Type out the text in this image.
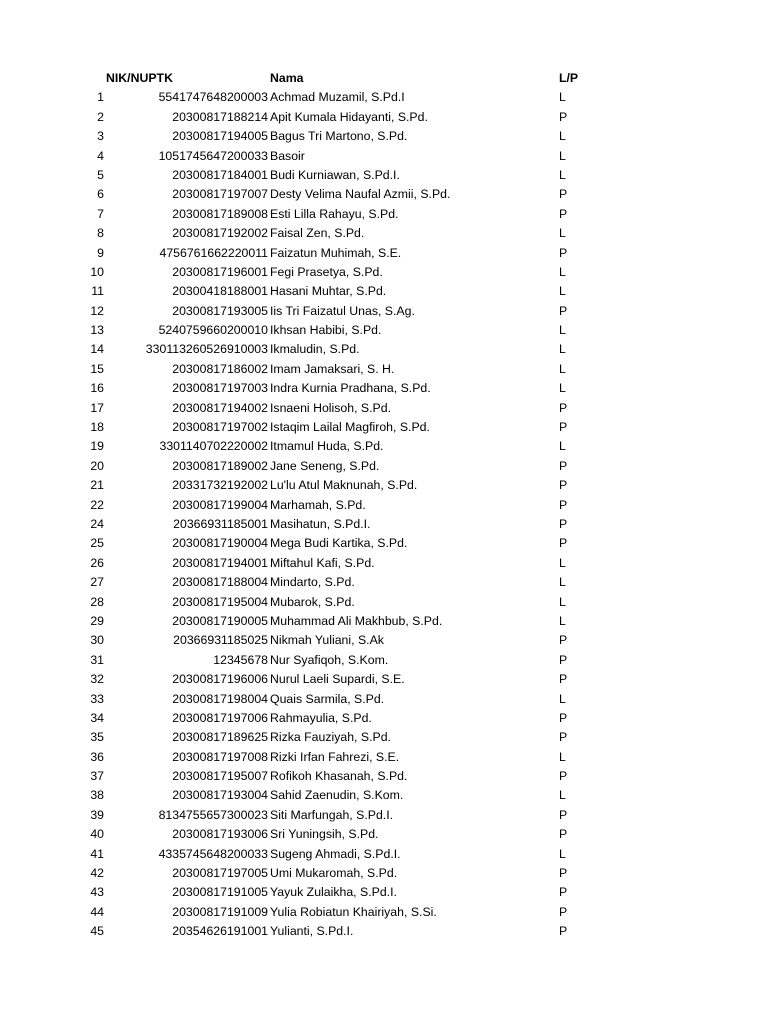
NIK/NUPTK	Nama	L/P
1	5541747648200003 Achmad Muzamil, S.Pd.I	L
2	20300817188214 Apit Kumala Hidayanti, S.Pd.	P
3	20300817194005 Bagus Tri Martono, S.Pd.	L
4	1051745647200033 Basoir	L
5	20300817184001 Budi Kurniawan, S.Pd.I.	L
6	20300817197007 Desty Velima Naufal Azmii, S.Pd.	P
7	20300817189008 Esti Lilla Rahayu, S.Pd.	P
8	20300817192002 Faisal Zen, S.Pd.	L
9	4756761662220011 Faizatun Muhimah, S.E.	P
10	20300817196001 Fegi Prasetya, S.Pd.	L
11	20300418188001 Hasani Muhtar, S.Pd.	L
12	20300817193005 Iis Tri Faizatul Unas, S.Ag.	P
13	5240759660200010 Ikhsan Habibi, S.Pd.	L
14	330113260526910003 Ikmaludin, S.Pd.	L
15	20300817186002 Imam Jamaksari, S. H.	L
16	20300817197003 Indra Kurnia Pradhana, S.Pd.	L
17	20300817194002 Isnaeni Holisoh, S.Pd.	P
18	20300817197002 Istaqim Lailal Magfiroh, S.Pd.	P
19	3301140702220002 Itmamul Huda, S.Pd.	L
20	20300817189002 Jane Seneng, S.Pd.	P
21	20331732192002 Lu'lu Atul Maknunah, S.Pd.	P
22	20300817199004 Marhamah, S.Pd.	P
24	20366931185001 Masihatun, S.Pd.I.	P
25	20300817190004 Mega Budi Kartika, S.Pd.	P
26	20300817194001 Miftahul Kafi, S.Pd.	L
27	20300817188004 Mindarto, S.Pd.	L
28	20300817195004 Mubarok, S.Pd.	L
29	20300817190005 Muhammad Ali Makhbub, S.Pd.	L
30	20366931185025 Nikmah Yuliani, S.Ak	P
31	12345678 Nur Syafiqoh, S.Kom.	P
32	20300817196006 Nurul Laeli Supardi, S.E.	P
33	20300817198004 Quais Sarmila, S.Pd.	L
34	20300817197006 Rahmayulia, S.Pd.	P
35	20300817189625 Rizka Fauziyah, S.Pd.	P
36	20300817197008 Rizki Irfan Fahrezi, S.E.	L
37	20300817195007 Rofikoh Khasanah, S.Pd.	P
38	20300817193004 Sahid Zaenudin, S.Kom.	L
39	8134755657300023 Siti Marfungah, S.Pd.I.	P
40	20300817193006 Sri Yuningsih, S.Pd.	P
41	4335745648200033 Sugeng Ahmadi, S.Pd.I.	L
42	20300817197005 Umi Mukaromah, S.Pd.	P
43	20300817191005 Yayuk Zulaikha, S.Pd.I.	P
44	20300817191009 Yulia Robiatun Khairiyah, S.Si.	P
45	20354626191001 Yulianti, S.Pd.I.	P
